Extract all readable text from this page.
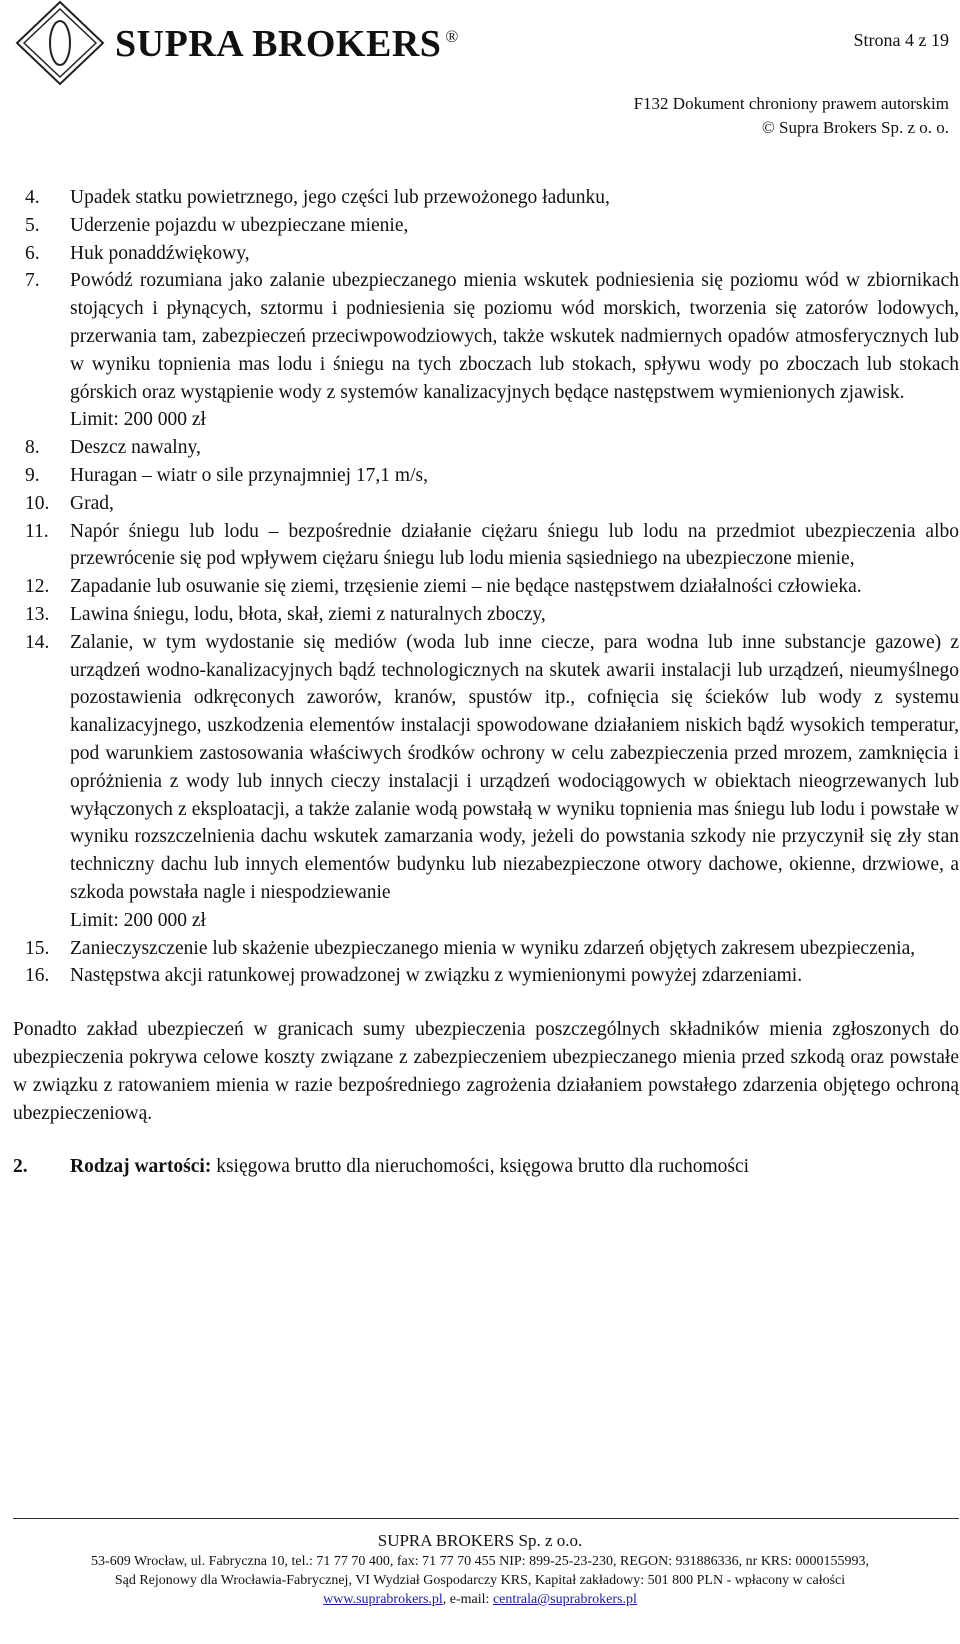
SUPRA BROKERS ®	Strona 4 z 19
F132 Dokument chroniony prawem autorskim
© Supra Brokers Sp. z o. o.
4. Upadek statku powietrznego, jego części lub przewożonego ładunku,
5. Uderzenie pojazdu w ubezpieczane mienie,
6. Huk ponaddźwiękowy,
7. Powódź rozumiana jako zalanie ubezpieczanego mienia wskutek podniesienia się poziomu wód w zbiornikach stojących i płynących, sztormu i podniesienia się poziomu wód morskich, tworzenia się zatorów lodowych, przerwania tam, zabezpieczeń przeciwpowodziowych, także wskutek nadmiernych opadów atmosferycznych lub w wyniku topnienia mas lodu i śniegu na tych zboczach lub stokach, spływu wody po zboczach lub stokach górskich oraz wystąpienie wody z systemów kanalizacyjnych będące następstwem wymienionych zjawisk.
Limit: 200 000 zł
8. Deszcz nawalny,
9. Huragan – wiatr o sile przynajmniej 17,1 m/s,
10. Grad,
11. Napór śniegu lub lodu – bezpośrednie działanie ciężaru śniegu lub lodu na przedmiot ubezpieczenia albo przewrócenie się pod wpływem ciężaru śniegu lub lodu mienia sąsiedniego na ubezpieczone mienie,
12. Zapadanie lub osuwanie się ziemi, trzęsienie ziemi – nie będące następstwem działalności człowieka.
13. Lawina śniegu, lodu, błota, skał, ziemi z naturalnych zboczy,
14. Zalanie, w tym wydostanie się mediów (woda lub inne ciecze, para wodna lub inne substancje gazowe) z urządzeń wodno-kanalizacyjnych bądź technologicznych na skutek awarii instalacji lub urządzeń, nieumyślnego pozostawienia odkręconych zaworów, kranów, spustów itp., cofnięcia się ścieków lub wody z systemu kanalizacyjnego, uszkodzenia elementów instalacji spowodowane działaniem niskich bądź wysokich temperatur, pod warunkiem zastosowania właściwych środków ochrony w celu zabezpieczenia przed mrozem, zamknięcia i opróżnienia z wody lub innych cieczy instalacji i urządzeń wodociągowych w obiektach nieogrzewanych lub wyłączonych z eksploatacji, a także zalanie wodą powstałą w wyniku topnienia mas śniegu lub lodu i powstałe w wyniku rozszczelnienia dachu wskutek zamarzania wody, jeżeli do powstania szkody nie przyczynił się zły stan techniczny dachu lub innych elementów budynku lub niezabezpieczone otwory dachowe, okienne, drzwiowe, a szkoda powstała nagle i niespodziewanie
Limit: 200 000 zł
15. Zanieczyszczenie lub skażenie ubezpieczanego mienia w wyniku zdarzeń objętych zakresem ubezpieczenia,
16. Następstwa akcji ratunkowej prowadzonej w związku z wymienionymi powyżej zdarzeniami.

Ponadto zakład ubezpieczeń w granicach sumy ubezpieczenia poszczególnych składników mienia zgłoszonych do ubezpieczenia pokrywa celowe koszty związane z zabezpieczeniem ubezpieczanego mienia przed szkodą oraz powstałe w związku z ratowaniem mienia w razie bezpośredniego zagrożenia działaniem powstałego zdarzenia objętego ochroną ubezpieczeniową.

2. Rodzaj wartości: księgowa brutto dla nieruchomości, księgowa brutto dla ruchomości
SUPRA BROKERS Sp. z o.o.
53-609 Wrocław, ul. Fabryczna 10, tel.: 71 77 70 400, fax: 71 77 70 455 NIP: 899-25-23-230, REGON: 931886336, nr KRS: 0000155993,
Sąd Rejonowy dla Wrocławia-Fabrycznej, VI Wydział Gospodarczy KRS, Kapitał zakładowy: 501 800 PLN - wpłacony w całości
www.suprabrokers.pl, e-mail: centrala@suprabrokers.pl
